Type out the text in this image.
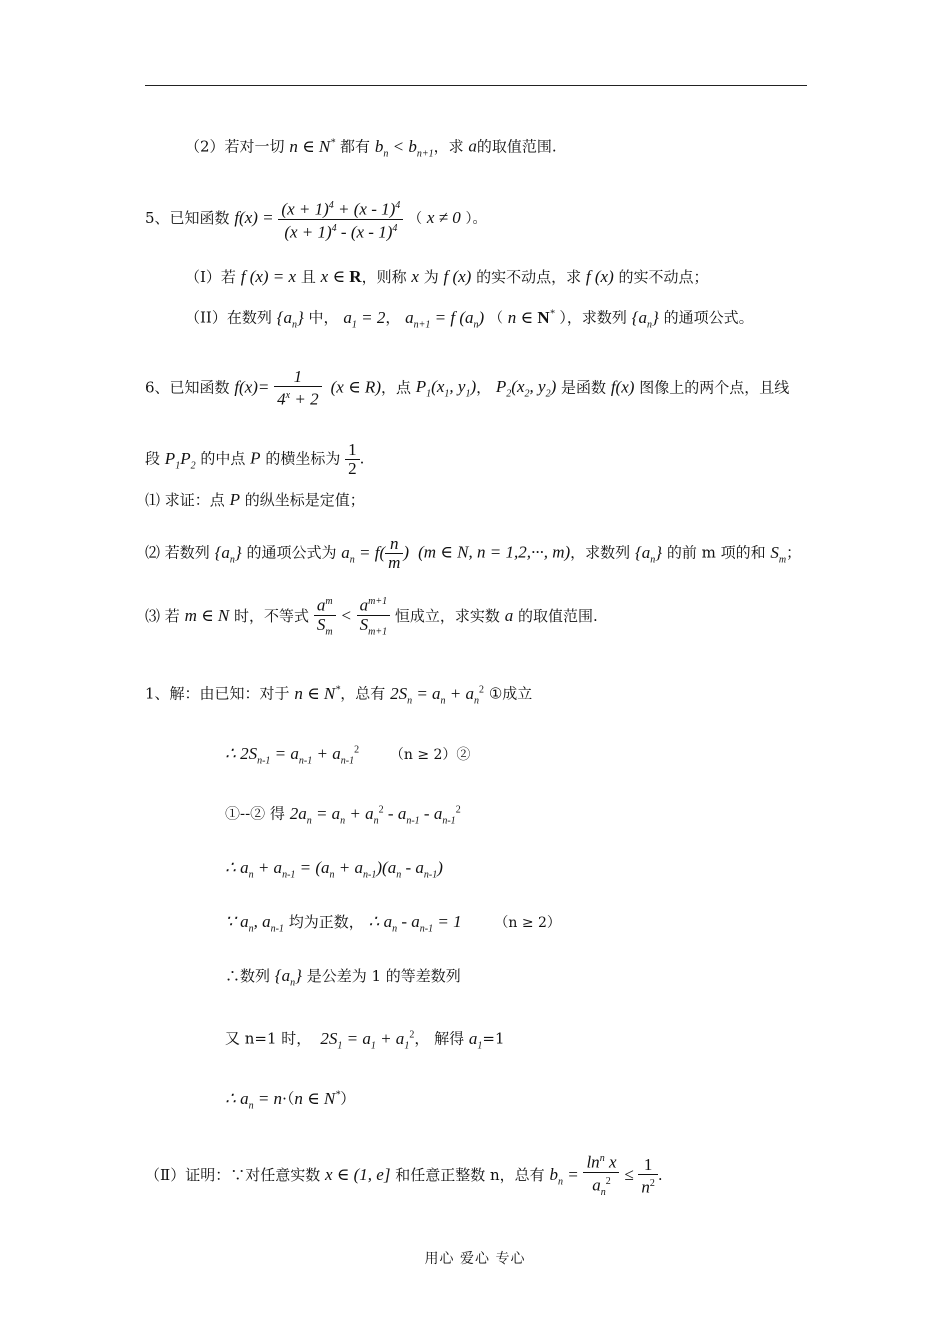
（2）若对一切 n ∈ N* 都有 $b_n < b_{n+1}$，求 a的取值范围.
5、已知函数 $f(x) = \frac{(x + 1)^4 + (x - 1)^4}{(x + 1)^4 - (x - 1)^4}$ （ x ≠ 0 ）。
（Ⅰ）若 f (x) = x 且 x ∈ R，则称 x 为 f (x) 的实不动点，求 f (x) 的实不动点；
（II）在数列 $\{a_n\}$ 中， $a_1 = 2$， $a_{n+1} = f$ $(a_n)$ （ n ∈ N* ），求数列 $\{a_n\}$ 的通项公式。
6、已知函数 $f(x)= \frac{1}{4^x + 2} (x$ ∈ R)，点 $P_1(x_1$, $y_1$)， $P_2(x_2$, $y_2$) 是函数 f(x) 图像上的两个点，且线
段 $P_1P_2$ 的中点 P 的横坐标为 $\frac{1}{2}$ .
⑴ 求证：点 P 的纵坐标是定值；
⑵ 若数列 $\{a_n\}$ 的通项公式为 $a_n = f( \frac{n}{m}$ )  (m ∈ N, n = 1,2,···, m)，求数列 $\{a_n\}$ 的前 m 项的和 $S_m$；
⑶ 若 m ∈ N 时，不等式 $\frac{a^m}{S_m} < \frac{a^{m+1}}{S_{m+1}}$ 恒成立，求实数 a 的取值范围.
1、解：由已知：对于 n ∈ N*，总有 $2S_n = a_n + a_n^2$ ①成立
∴ $2S_{n-1} = a_{n-1} + a_{n-1}^2$ （n ≥ 2）②
①--② 得 $2a_n = a_n + a_n^2 - a_{n-1} - a_{n-1}^2$
∴ $a_n + a_{n-1} = (a_n + a_{n-1})(a_n - a_{n-1})$
∵ $a_n$, $a_{n-1}$ 均为正数， ∴ $a_n - a_{n-1} = 1$ （n ≥ 2）
∴数列 $\{a_n\}$ 是公差为 1 的等差数列
又 n=1 时，  $2S_1 = a_1 + a_1^2$， 解得 $a_1=1$
∴ $a_n = n\cdot(n$ ∈ N*）
（Ⅱ）证明：∵对任意实数 x ∈ (1, e] 和任意正整数 n，总有 $b_n = \frac{\ln^n x}{a_n^2} \le \frac{1}{n^2}$ .
用心 爱心 专心
